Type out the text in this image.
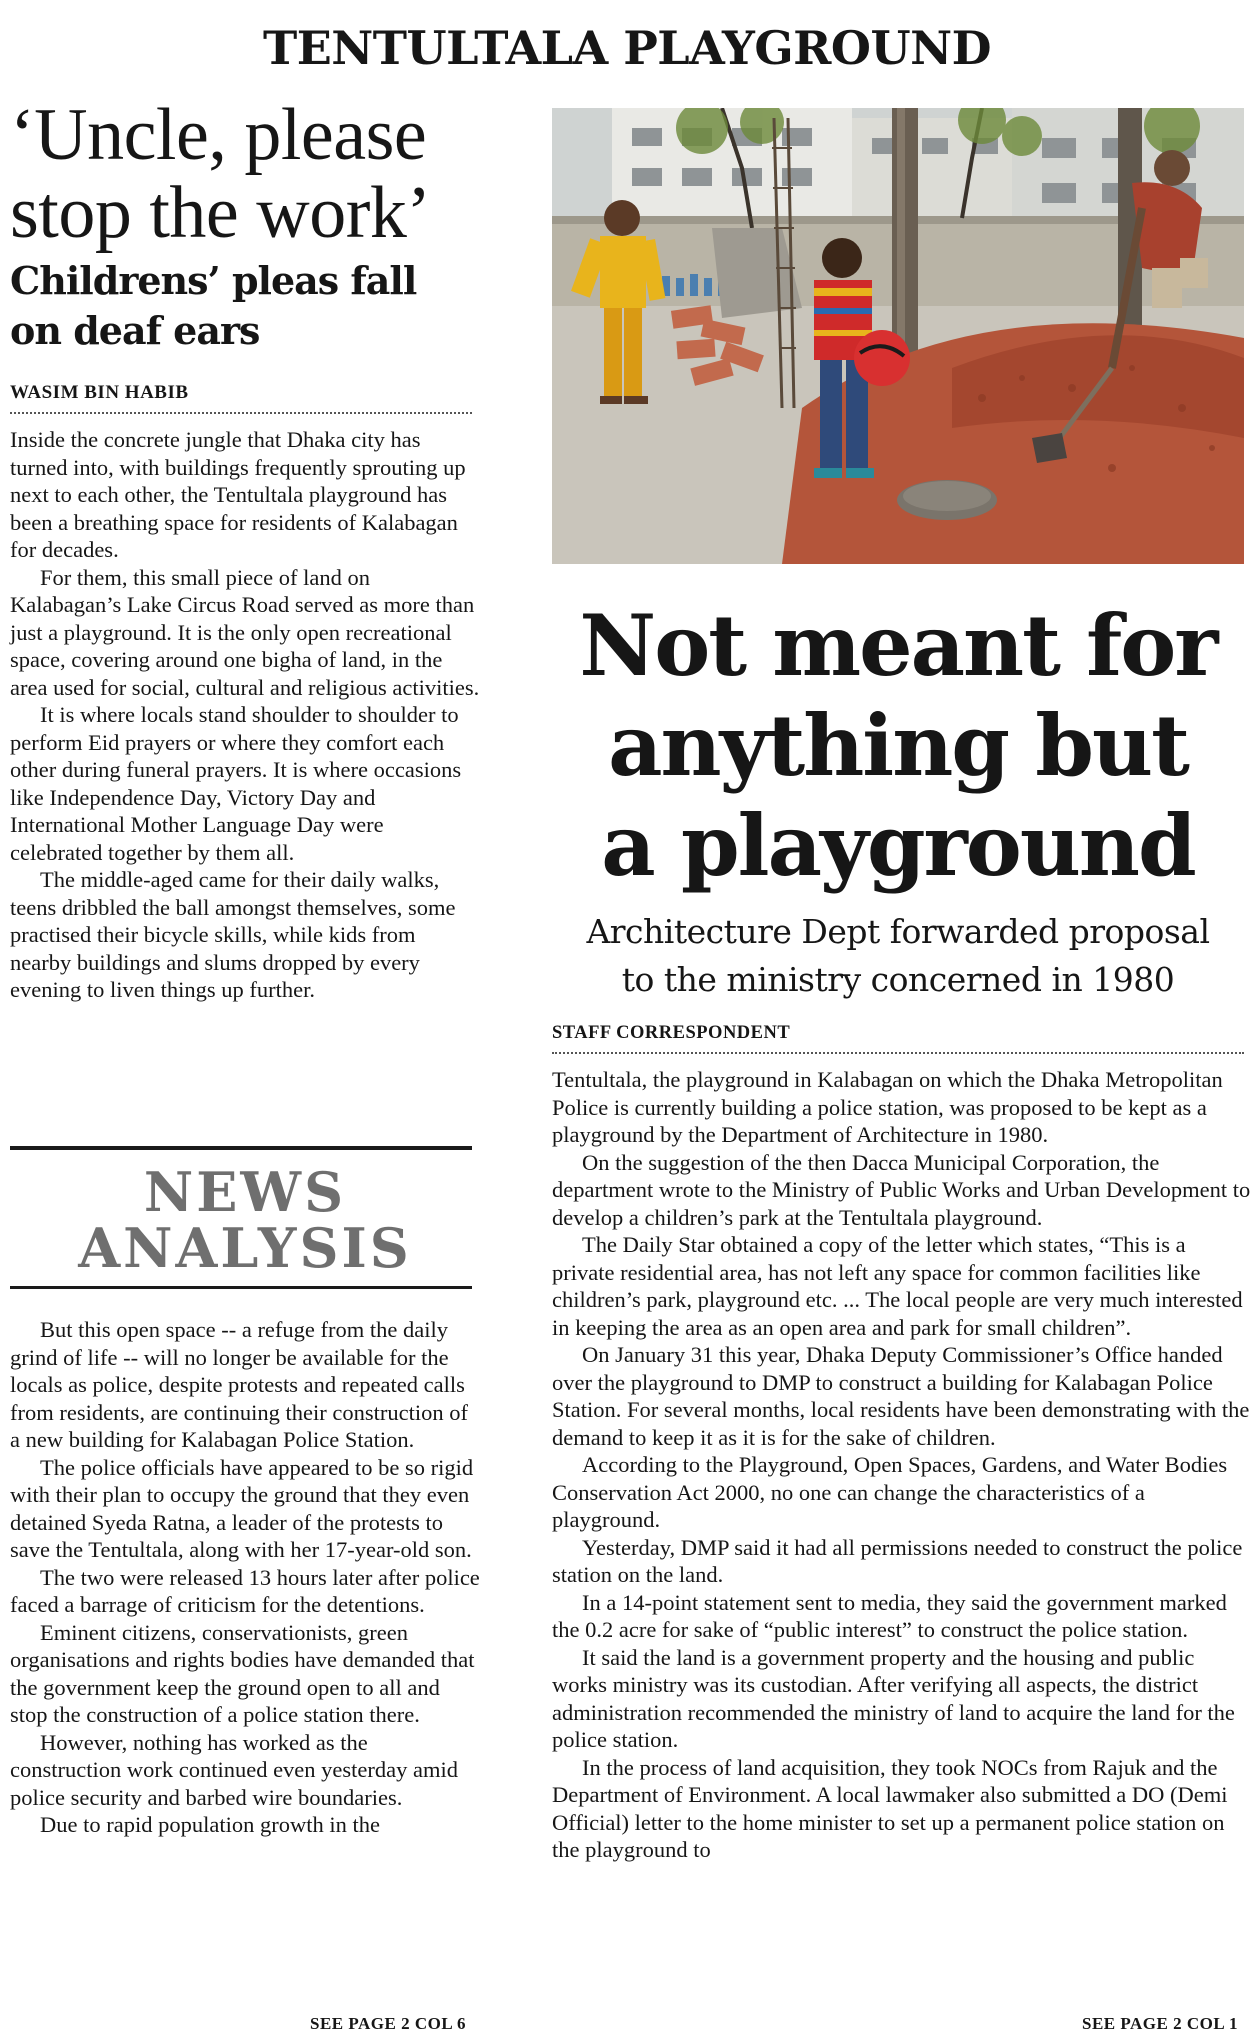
TENTULTALA PLAYGROUND
‘Uncle, please stop the work’
Childrens’ pleas fall on deaf ears
WASIM BIN HABIB

Inside the concrete jungle that Dhaka city has turned into, with buildings frequently sprouting up next to each other, the Tentultala playground has been a breathing space for residents of Kalabagan for decades.

For them, this small piece of land on Kalabagan’s Lake Circus Road served as more than just a playground. It is the only open recreational space, covering around one bigha of land, in the area used for social, cultural and religious activities.

It is where locals stand shoulder to shoulder to perform Eid prayers or where they comfort each other during funeral prayers. It is where occasions like Independence Day, Victory Day and International Mother Language Day were celebrated together by them all.

The middle-aged came for their daily walks, teens dribbled the ball amongst themselves, some practised their bicycle skills, while kids from nearby buildings and slums dropped by every evening to liven things up further.

NEWS
ANALYSIS

But this open space -- a refuge from the daily grind of life -- will no longer be available for the locals as police, despite protests and repeated calls from residents, are continuing their construction of a new building for Kalabagan Police Station.

The police officials have appeared to be so rigid with their plan to occupy the ground that they even detained Syeda Ratna, a leader of the protests to save the Tentultala, along with her 17-year-old son.

The two were released 13 hours later after police faced a barrage of criticism for the detentions.

Eminent citizens, conservationists, green organisations and rights bodies have demanded that the government keep the ground open to all and stop the construction of a police station there.

However, nothing has worked as the construction work continued even yesterday amid police security and barbed wire boundaries.

Due to rapid population growth in the

SEE PAGE 2 COL 6
Not meant for
anything but
a playground
Architecture Dept forwarded proposal
to the ministry concerned in 1980
STAFF CORRESPONDENT

Tentultala, the playground in Kalabagan on which the Dhaka Metropolitan Police is currently building a police station, was proposed to be kept as a playground by the Department of Architecture in 1980.

On the suggestion of the then Dacca Municipal Corporation, the department wrote to the Ministry of Public Works and Urban Development to develop a children’s park at the Tentultala playground.

The Daily Star obtained a copy of the letter which states, “This is a private residential area, has not left any space for common facilities like children’s park, playground etc. ... The local people are very much interested in keeping the area as an open area and park for small children”.

On January 31 this year, Dhaka Deputy Commissioner’s Office handed over the playground to DMP to construct a building for Kalabagan Police Station. For several months, local residents have been demonstrating with the demand to keep it as it is for the sake of children.

According to the Playground, Open Spaces, Gardens, and Water Bodies Conservation Act 2000, no one can change the characteristics of a playground.

Yesterday, DMP said it had all permissions needed to construct the police station on the land.

In a 14-point statement sent to media, they said the government marked the 0.2 acre for sake of “public interest” to construct the police station.

It said the land is a government property and the housing and public works ministry was its custodian. After verifying all aspects, the district administration recommended the ministry of land to acquire the land for the police station.

In the process of land acquisition, they took NOCs from Rajuk and the Department of Environment. A local lawmaker also submitted a DO (Demi Official) letter to the home minister to set up a permanent police station on the playground to

SEE PAGE 2 COL 1
